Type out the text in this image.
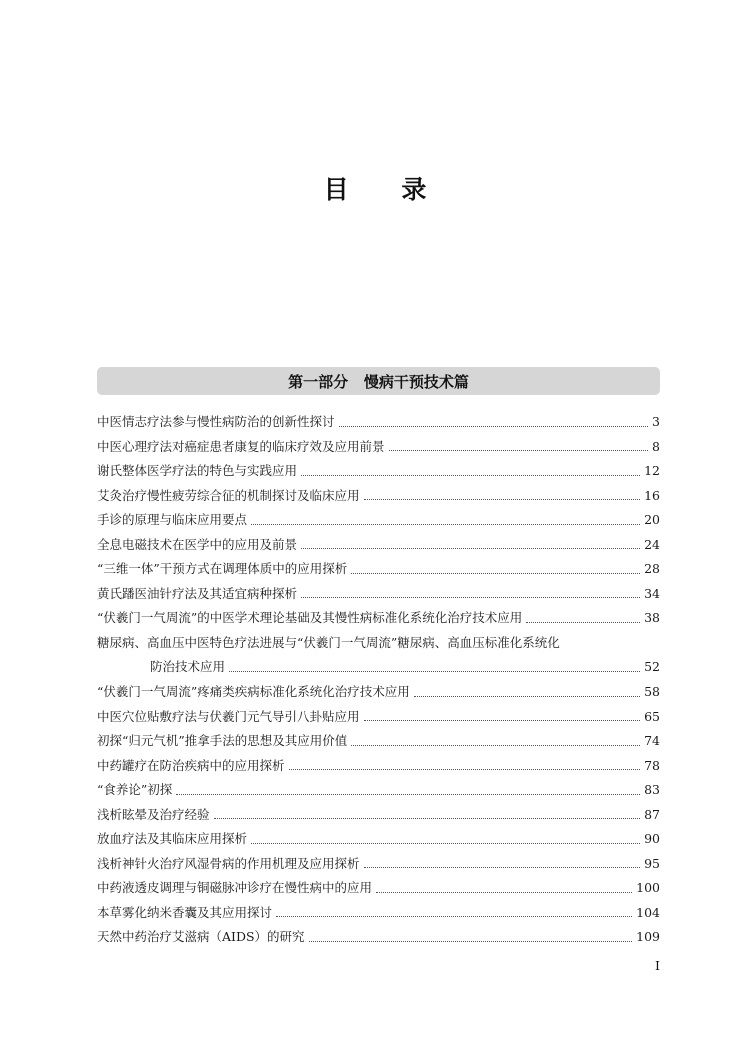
目 录
第一部分   慢病干预技术篇
中医情志疗法参与慢性病防治的创新性探讨	3
中医心理疗法对癌症患者康复的临床疗效及应用前景	8
谢氏整体医学疗法的特色与实践应用	12
艾灸治疗慢性疲劳综合征的机制探讨及临床应用	16
手诊的原理与临床应用要点	20
全息电磁技术在医学中的应用及前景	24
“三维一体”干预方式在调理体质中的应用探析	28
黄氏蹯医油针疗法及其适宜病种探析	34
“伏羲门一气周流”的中医学术理论基础及其慢性病标准化系统化治疗技术应用	38
糖尿病、高血压中医特色疗法进展与“伏羲门一气周流”糖尿病、高血压标准化系统化
防治技术应用	52
“伏羲门一气周流”疼痛类疾病标准化系统化治疗技术应用	58
中医穴位贴敷疗法与伏羲门元气导引八卦贴应用	65
初探“归元气机”推拿手法的思想及其应用价值	74
中药罐疗在防治疾病中的应用探析	78
“食养论”初探	83
浅析眩晕及治疗经验	87
放血疗法及其临床应用探析	90
浅析神针火治疗风湿骨病的作用机理及应用探析	95
中药液透皮调理与铜磁脉冲诊疗在慢性病中的应用	100
本草雾化纳米香囊及其应用探讨	104
天然中药治疗艾滋病（AIDS）的研究	109
I
